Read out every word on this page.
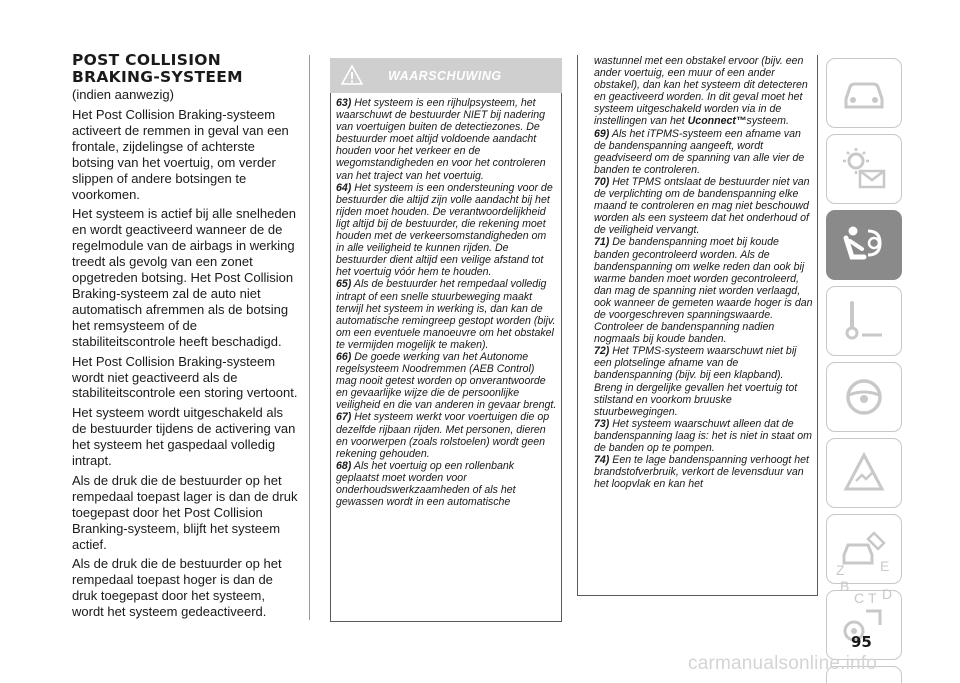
POST COLLISION
BRAKING-SYSTEEM
(indien aanwezig)

Het Post Collision Braking-systeem activeert de remmen in geval van een frontale, zijdelingse of achterste botsing van het voertuig, om verder slippen of andere botsingen te voorkomen.

Het systeem is actief bij alle snelheden en wordt geactiveerd wanneer de de regelmodule van de airbags in werking treedt als gevolg van een zonet opgetreden botsing. Het Post Collision Braking-systeem zal de auto niet automatisch afremmen als de botsing het remsysteem of de stabiliteitscontrole heeft beschadigd.

Het Post Collision Braking-systeem wordt niet geactiveerd als de stabiliteitscontrole een storing vertoont.

Het systeem wordt uitgeschakeld als de bestuurder tijdens de activering van het systeem het gaspedaal volledig intrapt.

Als de druk die de bestuurder op het rempedaal toepast lager is dan de druk toegepast door het Post Collision Branking-systeem, blijft het systeem actief.

Als de druk die de bestuurder op het rempedaal toepast hoger is dan de druk toegepast door het systeem, wordt het systeem gedeactiveerd.

WAARSCHUWING

63) Het systeem is een rijhulpsysteem, het waarschuwt de bestuurder NIET bij nadering van voertuigen buiten de detectiezones. De bestuurder moet altijd voldoende aandacht houden voor het verkeer en de wegomstandigheden en voor het controleren van het traject van het voertuig.

64) Het systeem is een ondersteuning voor de bestuurder die altijd zijn volle aandacht bij het rijden moet houden. De verantwoordelijkheid ligt altijd bij de bestuurder, die rekening moet houden met de verkeersomstandigheden om in alle veiligheid te kunnen rijden. De bestuurder dient altijd een veilige afstand tot het voertuig vóór hem te houden.

65) Als de bestuurder het rempedaal volledig intrapt of een snelle stuurbeweging maakt terwijl het systeem in werking is, dan kan de automatische remingreep gestopt worden (bijv. om een eventuele manoeuvre om het obstakel te vermijden mogelijk te maken).

66) De goede werking van het Autonome regelsysteem Noodremmen (AEB Control) mag nooit getest worden op onverantwoorde en gevaarlijke wijze die de persoonlijke veiligheid en die van anderen in gevaar brengt.

67) Het systeem werkt voor voertuigen die op dezelfde rijbaan rijden. Met personen, dieren en voorwerpen (zoals rolstoelen) wordt geen rekening gehouden.

68) Als het voertuig op een rollenbank geplaatst moet worden voor onderhoudswerkzaamheden of als het gewassen wordt in een automatische

wastunnel met een obstakel ervoor (bijv. een ander voertuig, een muur of een ander obstakel), dan kan het systeem dit detecteren en geactiveerd worden. In dit geval moet het systeem uitgeschakeld worden via in de instellingen van het Uconnect™systeem.

69) Als het iTPMS-systeem een afname van de bandenspanning aangeeft, wordt geadviseerd om de spanning van alle vier de banden te controleren.

70) Het TPMS ontslaat de bestuurder niet van de verplichting om de bandenspanning elke maand te controleren en mag niet beschouwd worden als een systeem dat het onderhoud of de veiligheid vervangt.

71) De bandenspanning moet bij koude banden gecontroleerd worden. Als de bandenspanning om welke reden dan ook bij warme banden moet worden gecontroleerd, dan mag de spanning niet worden verlaagd, ook wanneer de gemeten waarde hoger is dan de voorgeschreven spanningswaarde. Controleer de bandenspanning nadien nogmaals bij koude banden.

72) Het TPMS-systeem waarschuwt niet bij een plotselinge afname van de bandenspanning (bijv. bij een klapband). Breng in dergelijke gevallen het voertuig tot stilstand en voorkom bruuske stuurbewegingen.

73) Het systeem waarschuwt alleen dat de bandenspanning laag is: het is niet in staat om de banden op te pompen.

74) Een te lage bandenspanning verhoogt het brandstofverbruik, verkort de levensduur van het loopvlak en kan het

Z	E
B
C T D
95
carmanualsonline.info
